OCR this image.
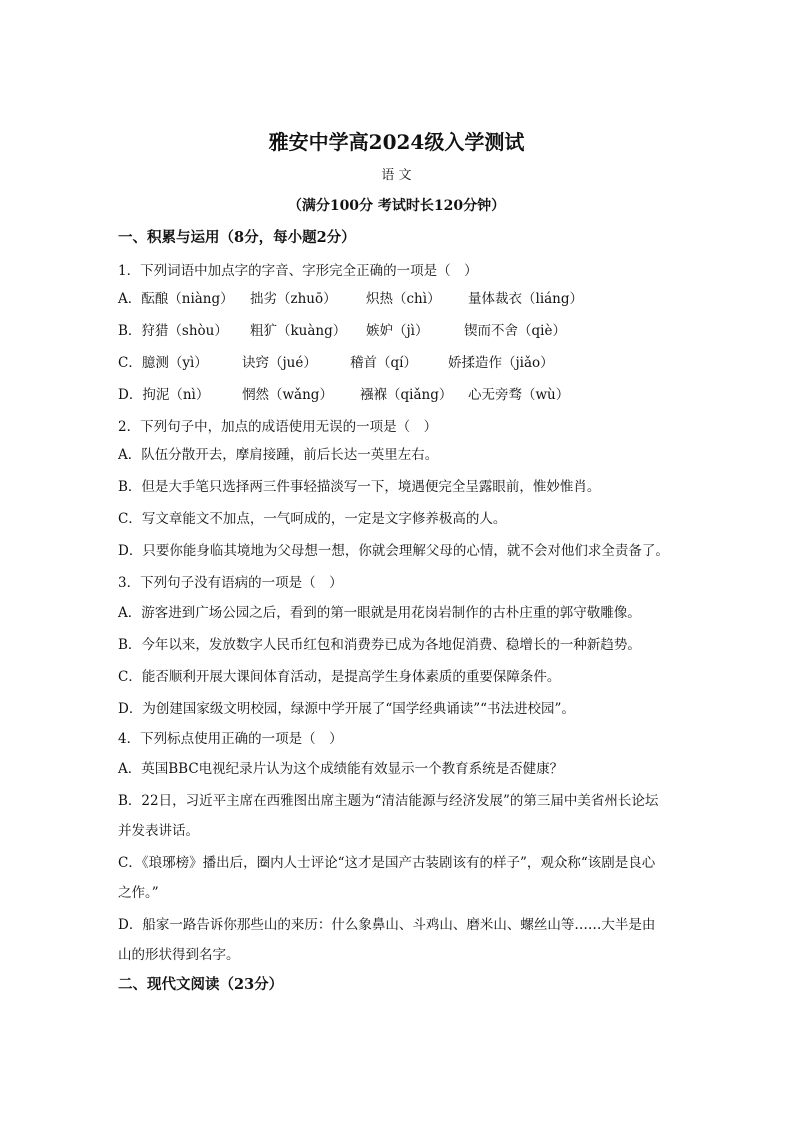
雅安中学高2024级入学测试
语 文
（满分100分 考试时长120分钟）
一、积累与运用（8分，每小题2分）
1．下列词语中加点字的字音、字形完全正确的一项是（　）
A．酝酿（niàng） 拙劣（zhuō） 炽热（chì） 量体裁衣（liáng）
B．狩猎（shòu） 粗犷（kuàng） 嫉妒（jì）	锲而不舍（qiè）
C．臆测（yì）	诀窍（jué） 稽首（qí） 娇揉造作（jiǎo）
D．拘泥（nì） 惘然（wǎng） 襁褓（qiǎng） 心无旁骛（wù）
2．下列句子中，加点的成语使用无误的一项是（　）
A．队伍分散开去，摩肩接踵，前后长达一英里左右。
B．但是大手笔只选择两三件事轻描淡写一下，境遇便完全呈露眼前，惟妙惟肖。
C．写文章能文不加点，一气呵成的，一定是文字修养极高的人。
D．只要你能身临其境地为父母想一想，你就会理解父母的心情，就不会对他们求全责备了。
3．下列句子没有语病的一项是（　）
A．游客进到广场公园之后，看到的第一眼就是用花岗岩制作的古朴庄重的郭守敬雕像。
B．今年以来，发放数字人民币红包和消费券已成为各地促消费、稳增长的一种新趋势。
C．能否顺利开展大课间体育活动，是提高学生身体素质的重要保障条件。
D．为创建国家级文明校园，绿源中学开展了“国学经典诵读”“书法进校园”。
4．下列标点使用正确的一项是（　）
A．英国BBC电视纪录片认为这个成绩能有效显示一个教育系统是否健康？
B．22日，习近平主席在西雅图出席主题为“清洁能源与经济发展”的第三届中美省州长论坛
并发表讲话。
C．《琅琊榜》播出后，圈内人士评论“这才是国产古装剧该有的样子”，观众称“该剧是良心
之作。”
D．船家一路告诉你那些山的来历：什么象鼻山、斗鸡山、磨米山、螺丝山等……大半是由
山的形状得到名字。
二、现代文阅读（23分）
